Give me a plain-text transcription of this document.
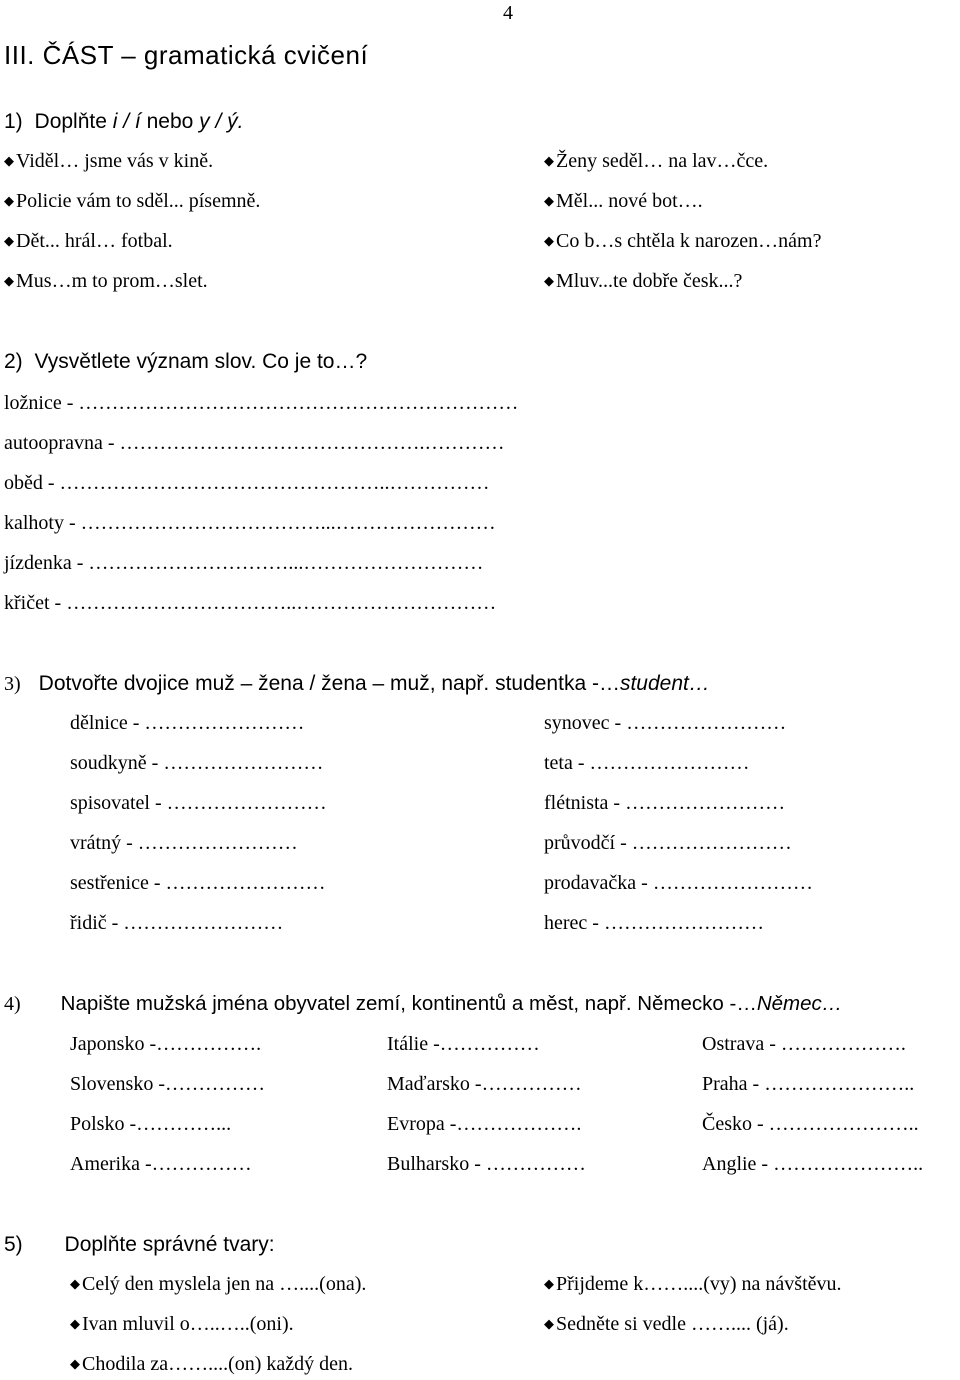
4
III. ČÁST – gramatická cvičení
1) Doplňte i / í nebo y / ý.
◆ Viděl… jsme vás v kině.
◆ Policie vám to sděl... písemně.
◆ Dět... hrál… fotbal.
◆ Mus…m to prom…slet.
◆ Ženy seděl… na lav…čce.
◆ Měl... nové bot….
◆ Co b…s chtěla k narozen…nám?
◆ Mluv...te dobře česk...?
2) Vysvětlete význam slov. Co je to…?
ložnice - …………………………………………………………
autoopravna - ……………………………………….…………
oběd - …………………………………………..……………
kalhoty - ………………………………...……………………
jízdenka - …………………………...………………………
křičet - ……………………………..…………………………
3) Dotvořte dvojice muž – žena / žena – muž, např. studentka -…student…
dělnice - ……………………
soudkyně - ……………………
spisovatel - ……………………
vrátný - ……………………
sestřenice - ……………………
řidič - ……………………
synovec - ……………………
teta - ……………………
flétnista - ……………………
průvodčí - ……………………
prodavačka - ……………………
herec - ……………………
4) Napište mužská jména obyvatel zemí, kontinentů a měst, např. Německo -…Němec…
Japonsko -…………….
Slovensko -……………
Polsko -…………...
Amerika -……………
Itálie -……………
Maďarsko -……………
Evropa -……………….
Bulharsko - ……………
Ostrava - ……………….
Praha - …………………..
Česko - …………………..
Anglie - …………………..
5) Doplňte správné tvary:
◆ Celý den myslela jen na …....(ona).
◆ Ivan mluvil o…..…..(oni).
◆ Chodila za……....(on) každý den.
◆ Přijdeme k……....(vy) na návštěvu.
◆ Sedněte si vedle …….... (já).
